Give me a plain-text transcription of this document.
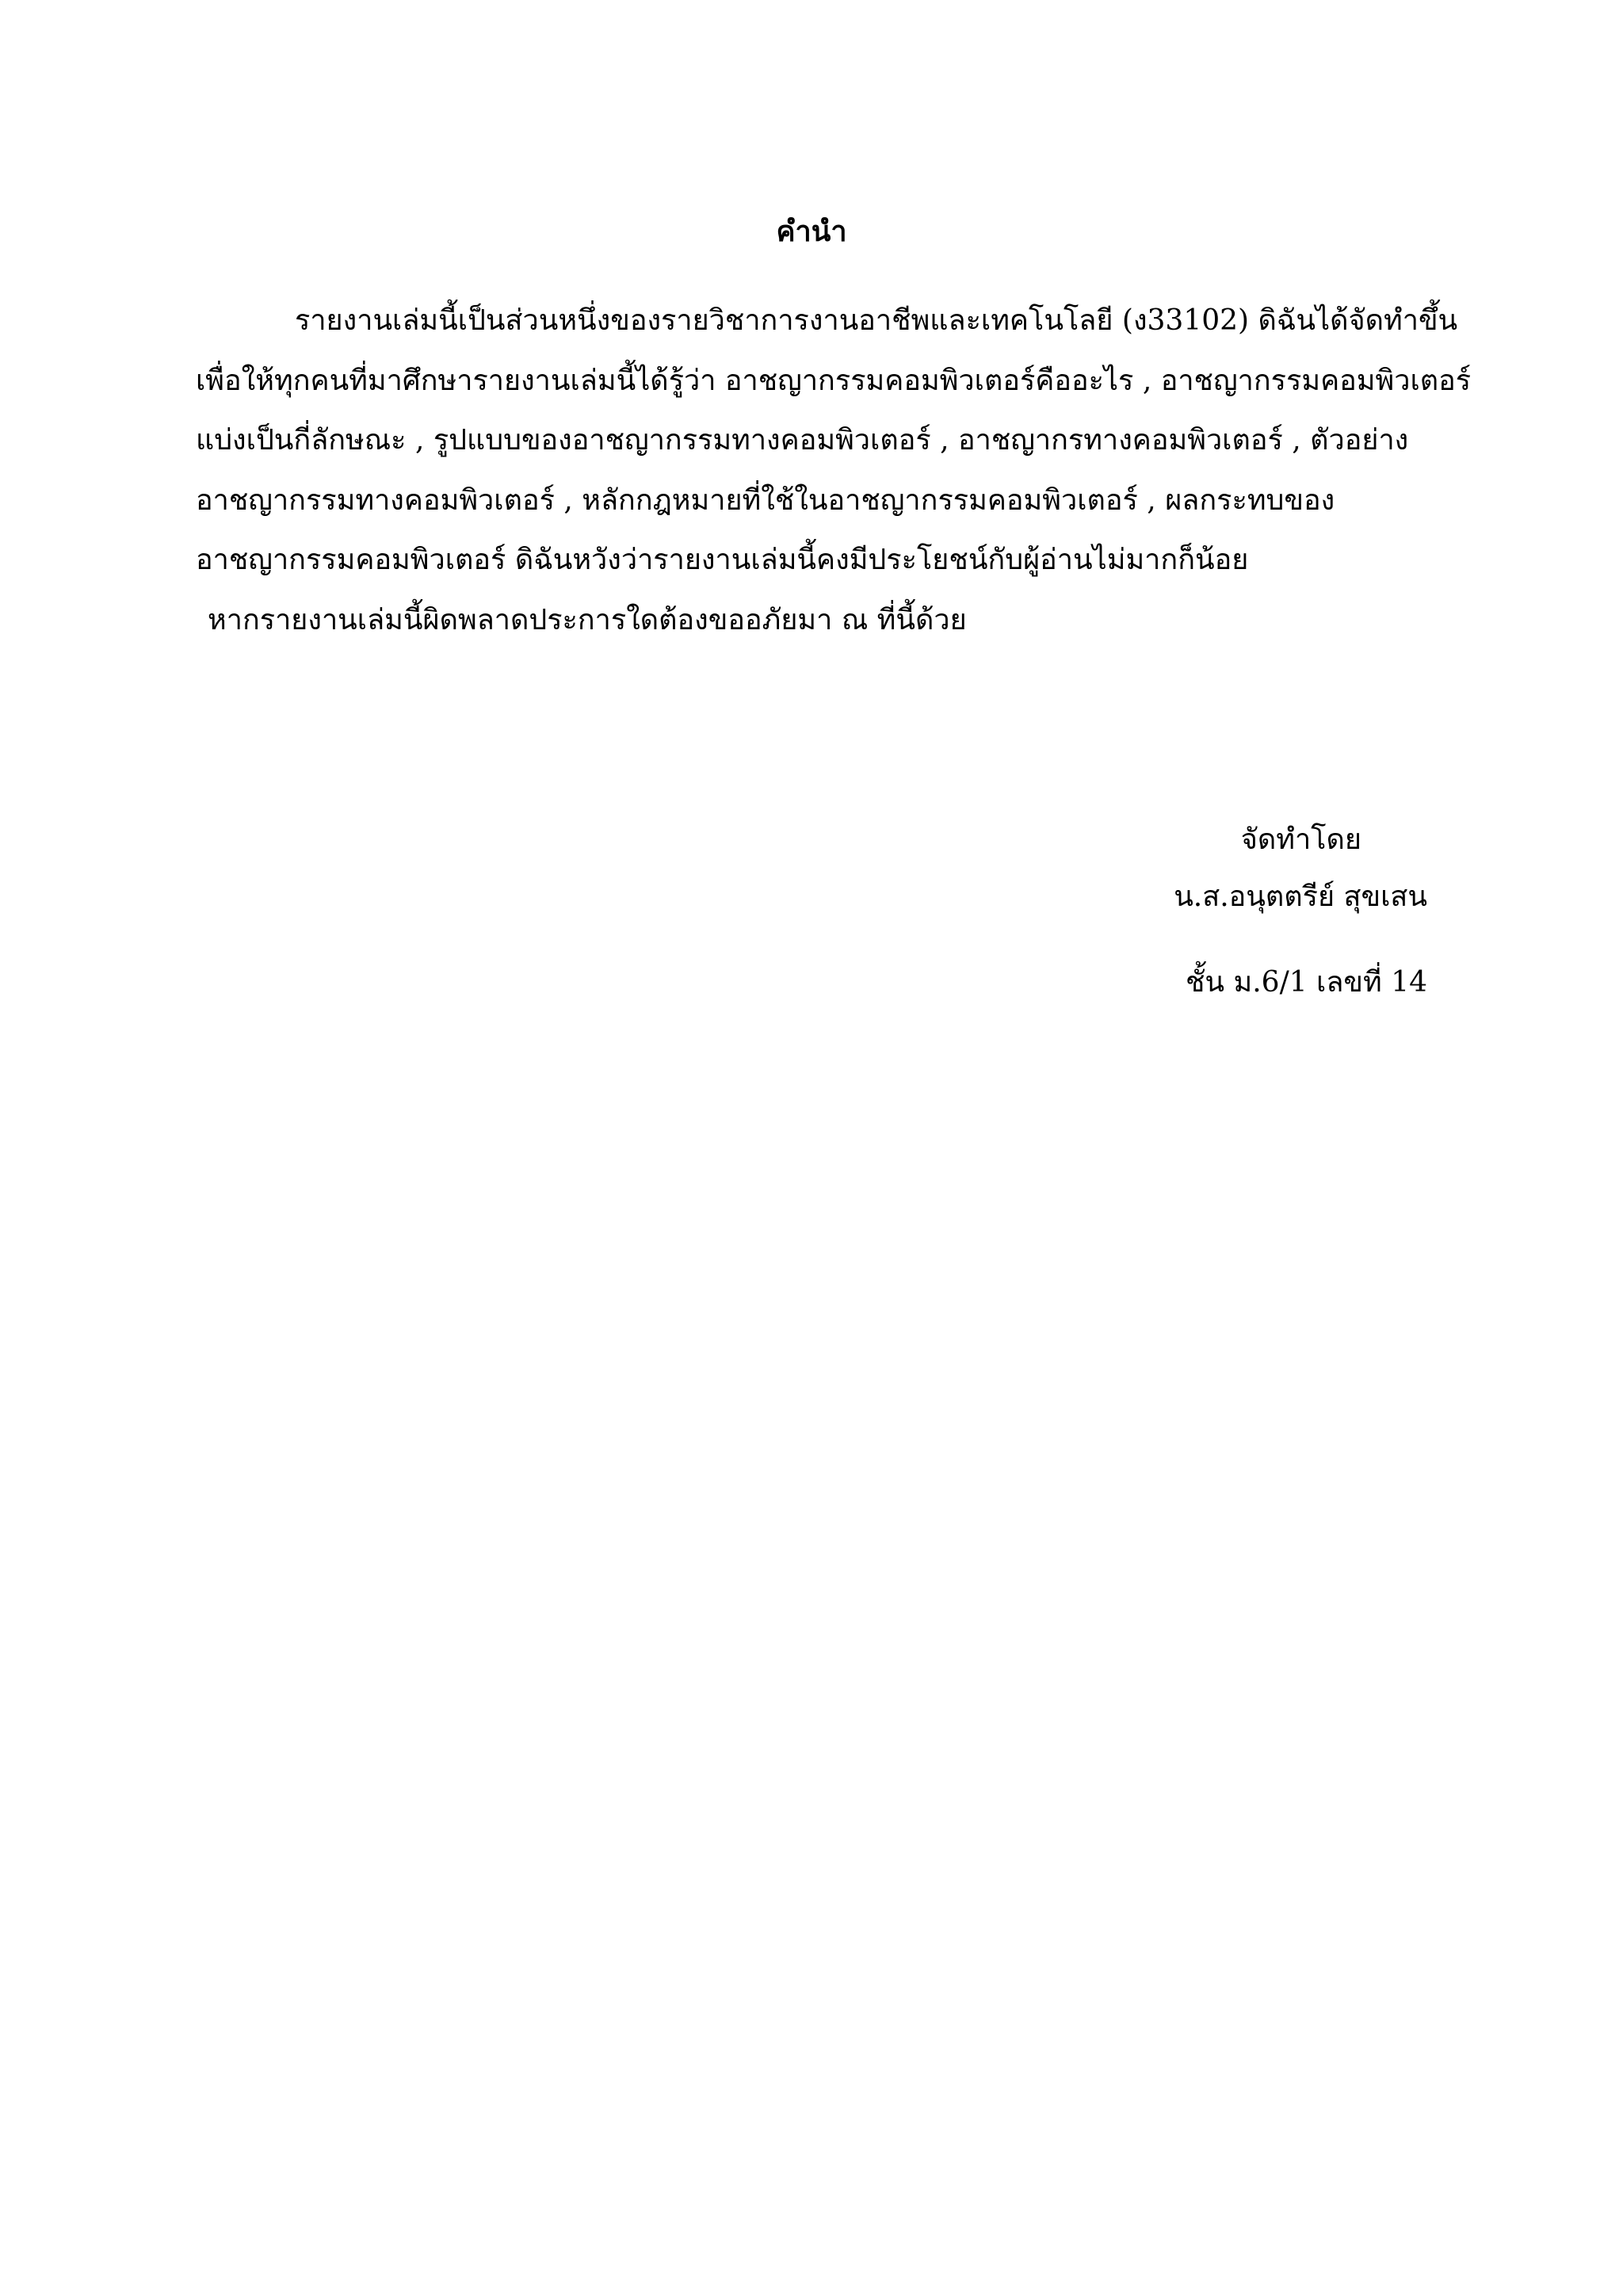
คำนำ
รายงานเล่มนี้เป็นส่วนหนึ่งของรายวิชาการงานอาชีพและเทคโนโลยี (ง33102) ดิฉันได้จัดทำขึ้น
เพื่อให้ทุกคนที่มาศึกษารายงานเล่มนี้ได้รู้ว่า อาชญากรรมคอมพิวเตอร์คืออะไร , อาชญากรรมคอมพิวเตอร์
แบ่งเป็นกี่ลักษณะ , รูปแบบของอาชญากรรมทางคอมพิวเตอร์ , อาชญากรทางคอมพิวเตอร์ , ตัวอย่าง
อาชญากรรมทางคอมพิวเตอร์ , หลักกฎหมายที่ใช้ในอาชญากรรมคอมพิวเตอร์ , ผลกระทบของ
อาชญากรรมคอมพิวเตอร์ ดิฉันหวังว่ารายงานเล่มนี้คงมีประโยชน์กับผู้อ่านไม่มากก็น้อย
หากรายงานเล่มนี้ผิดพลาดประการใดต้องขออภัยมา ณ ที่นี้ด้วย
จัดทำโดย
น.ส.อนุตตรีย์ สุขเสน
ชั้น ม.6/1 เลขที่ 14
